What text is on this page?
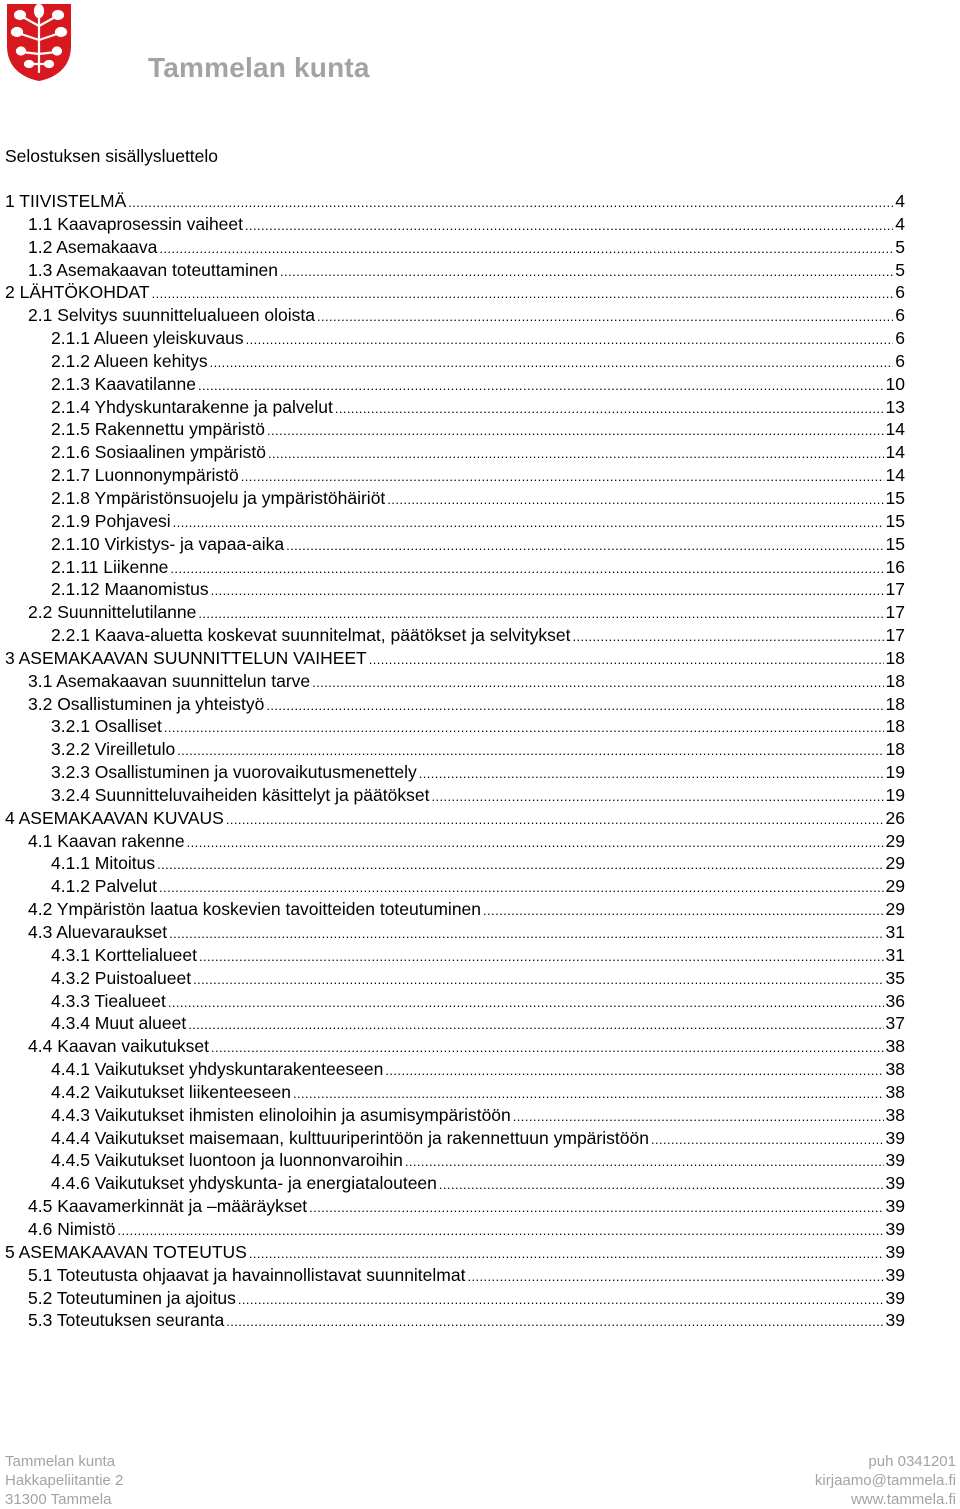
Tammelan kunta
Selostuksen sisällysluettelo
1 TIIVISTELMÄ .....	4
1.1 Kaavaprosessin vaiheet .....	4
1.2 Asemakaava .....	5
1.3 Asemakaavan toteuttaminen .....	5
2 LÄHTÖKOHDAT .....	6
2.1 Selvitys suunnittelualueen oloista .....	6
2.1.1 Alueen yleiskuvaus .....	6
2.1.2 Alueen kehitys .....	6
2.1.3 Kaavatilanne .....	10
2.1.4 Yhdyskuntarakenne ja palvelut .....	13
2.1.5 Rakennettu ympäristö .....	14
2.1.6 Sosiaalinen ympäristö .....	14
2.1.7 Luonnonympäristö .....	14
2.1.8 Ympäristönsuojelu ja ympäristöhäiriöt .....	15
2.1.9 Pohjavesi .....	15
2.1.10 Virkistys- ja vapaa-aika .....	15
2.1.11 Liikenne .....	16
2.1.12 Maanomistus .....	17
2.2 Suunnittelutilanne .....	17
2.2.1 Kaava-aluetta koskevat suunnitelmat, päätökset ja selvitykset .....	17
3 ASEMAKAAVAN SUUNNITTELUN VAIHEET .....	18
3.1 Asemakaavan suunnittelun tarve .....	18
3.2 Osallistuminen ja yhteistyö .....	18
3.2.1 Osalliset .....	18
3.2.2 Vireilletulo .....	18
3.2.3 Osallistuminen ja vuorovaikutusmenettely .....	19
3.2.4 Suunnitteluvaiheiden käsittelyt ja päätökset .....	19
4 ASEMAKAAVAN KUVAUS .....	26
4.1 Kaavan rakenne .....	29
4.1.1 Mitoitus .....	29
4.1.2 Palvelut .....	29
4.2 Ympäristön laatua koskevien tavoitteiden toteutuminen .....	29
4.3 Aluevaraukset .....	31
4.3.1 Korttelialueet .....	31
4.3.2 Puistoalueet .....	35
4.3.3 Tiealueet .....	36
4.3.4 Muut alueet .....	37
4.4 Kaavan vaikutukset .....	38
4.4.1 Vaikutukset yhdyskuntarakenteeseen .....	38
4.4.2 Vaikutukset liikenteeseen .....	38
4.4.3 Vaikutukset ihmisten elinoloihin ja asumisympäristöön .....	38
4.4.4 Vaikutukset maisemaan, kulttuuriperintöön ja rakennettuun ympäristöön .....	39
4.4.5 Vaikutukset luontoon ja luonnonvaroihin .....	39
4.4.6 Vaikutukset yhdyskunta- ja energiatalouteen .....	39
4.5 Kaavamerkinnät ja –määräykset .....	39
4.6 Nimistö .....	39
5 ASEMAKAAVAN TOTEUTUS .....	39
5.1 Toteutusta ohjaavat ja havainnollistavat suunnitelmat .....	39
5.2 Toteutuminen ja ajoitus .....	39
5.3 Toteutuksen seuranta .....	39
Tammelan kunta
Hakkapeliitantie 2
31300 Tammela
puh 0341201
kirjaamo@tammela.fi
www.tammela.fi
